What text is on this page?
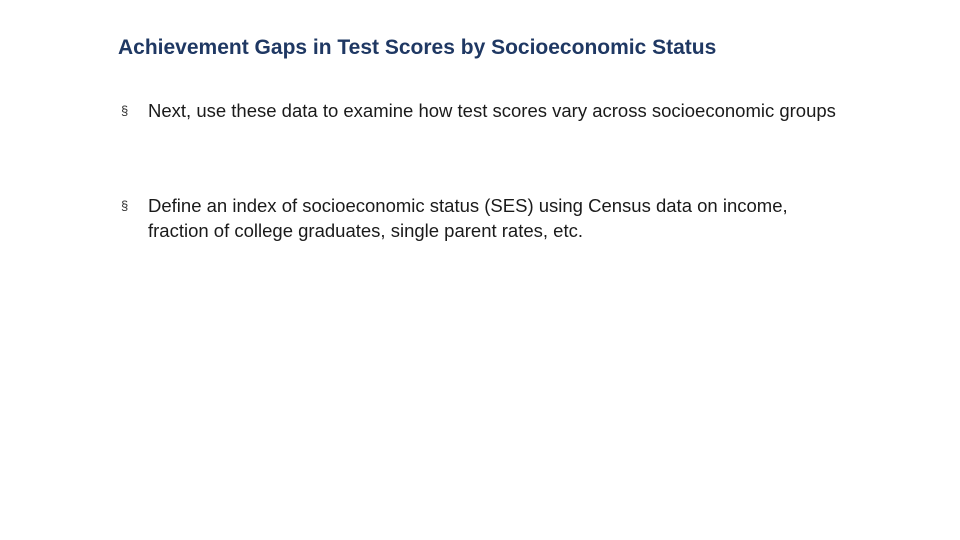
Achievement Gaps in Test Scores by Socioeconomic Status
§ Next, use these data to examine how test scores vary across socioeconomic groups
§ Define an index of socioeconomic status (SES) using Census data on income, fraction of college graduates, single parent rates, etc.
